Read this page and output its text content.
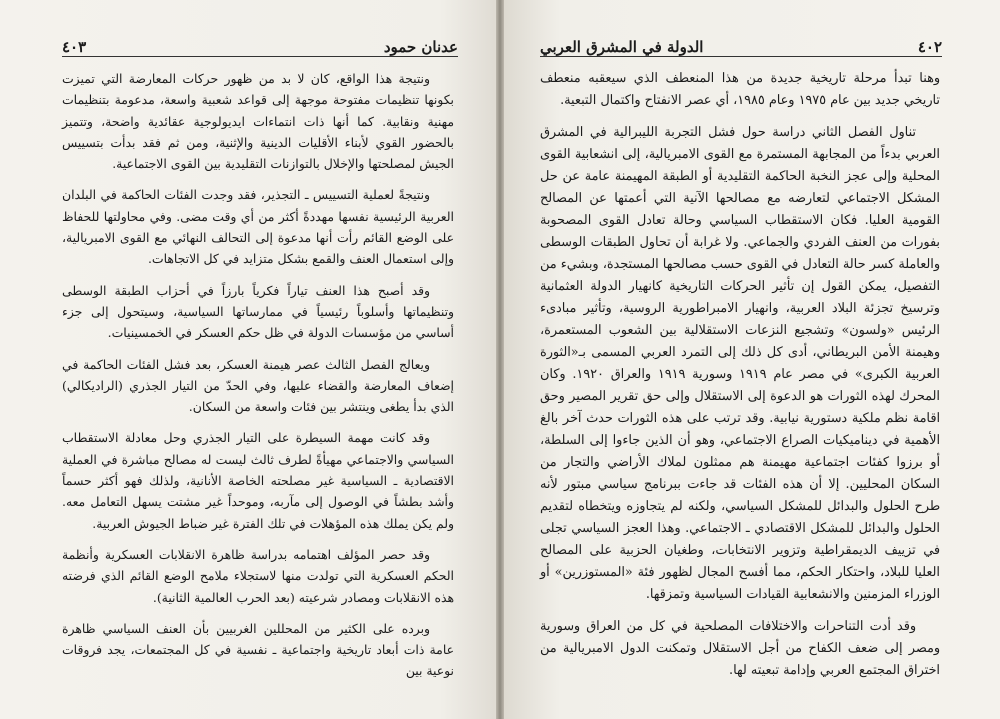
عدنان حمود
٤٠٣

ونتيجة هذا الواقع، كان لا بد من ظهور حركات المعارضة التي تميزت بكونها تنظيمات مفتوحة موجهة إلى قواعد شعبية واسعة، مدعومة بتنظيمات مهنية ونقابية. كما أنها ذات انتماءات ايديولوجية عقائدية واضحة، وتتميز بالحضور القوي لأبناء الأقليات الدينية والإثنية، ومن ثم فقد بدأت بتسييس الجيش لمصلحتها والإخلال بالتوازنات التقليدية بين القوى الاجتماعية.

ونتيجةً لعملية التسييس ـ التجذير، فقد وجدت الفئات الحاكمة في البلدان العربية الرئيسية نفسها مهددةً أكثر من أي وقت مضى. وفي محاولتها للحفاظ على الوضع القائم رأت أنها مدعوة إلى التحالف النهائي مع القوى الامبريالية، وإلى استعمال العنف والقمع بشكل متزايد في كل الاتجاهات.

وقد أصبح هذا العنف تياراً فكرياً بارزاً في أحزاب الطبقة الوسطى وتنظيماتها وأسلوباً رئيسياً في ممارساتها السياسية، وسيتحول إلى جزء أساسي من مؤسسات الدولة في ظل حكم العسكر في الخمسينيات.

ويعالج الفصل الثالث عصر هيمنة العسكر، بعد فشل الفئات الحاكمة في إضعاف المعارضة والقضاء عليها، وفي الحدّ من التيار الجذري (الراديكالي) الذي بدأ يطغى وينتشر بين فئات واسعة من السكان.

وقد كانت مهمة السيطرة على التيار الجذري وحل معادلة الاستقطاب السياسي والاجتماعي مهيأةً لطرف ثالث ليست له مصالح مباشرة في العملية الاقتصادية ـ السياسية غير مصلحته الخاصة الأنانية، ولذلك فهو أكثر حسماً وأشد بطشاً في الوصول إلى مآربه، وموحداً غير مشتت يسهل التعامل معه. ولم يكن يملك هذه المؤهلات في تلك الفترة غير ضباط الجيوش العربية.

وقد حصر المؤلف اهتمامه بدراسة ظاهرة الانقلابات العسكرية وأنظمة الحكم العسكرية التي تولدت منها لاستجلاء ملامح الوضع القائم الذي فرضته هذه الانقلابات ومصادر شرعيته (بعد الحرب العالمية الثانية).

وبرده على الكثير من المحللين الغربيين بأن العنف السياسي ظاهرة عامة ذات أبعاد تاريخية واجتماعية ـ نفسية في كل المجتمعات، يجد فروقات نوعية بين

٤٠٢
الدولة في المشرق العربي

وهنا تبدأ مرحلة تاريخية جديدة من هذا المنعطف الذي سيعقبه منعطف تاريخي جديد بين عام ١٩٧٥ وعام ١٩٨٥، أي عصر الانفتاح واكتمال التبعية.

تناول الفصل الثاني دراسة حول فشل التجربة الليبرالية في المشرق العربي بدءاً من المجابهة المستمرة مع القوى الامبريالية، إلى انشعابية القوى المحلية وإلى عجز النخبة الحاكمة التقليدية أو الطبقة المهيمنة عامة عن حل المشكل الاجتماعي لتعارضه مع مصالحها الآنية التي أعمتها عن المصالح القومية العليا. فكان الاستقطاب السياسي وحالة تعادل القوى المصحوبة بفورات من العنف الفردي والجماعي. ولا غرابة أن تحاول الطبقات الوسطى والعاملة كسر حالة التعادل في القوى حسب مصالحها المستجدة، وبشيء من التفصيل، يمكن القول إن تأثير الحركات التاريخية كانهيار الدولة العثمانية وترسيخ تجزئة البلاد العربية، وانهيار الامبراطورية الروسية، وتأثير مبادىء الرئيس «ولسون» وتشجيع النزعات الاستقلالية بين الشعوب المستعمرة، وهيمنة الأمن البريطاني، أدى كل ذلك إلى التمرد العربي المسمى بـ«الثورة العربية الكبرى» في مصر عام ١٩١٩ وسورية ١٩١٩ والعراق ١٩٢٠. وكان المحرك لهذه الثورات هو الدعوة إلى الاستقلال وإلى حق تقرير المصير وحق اقامة نظم ملكية دستورية نيابية. وقد ترتب على هذه الثورات حدث آخر بالغ الأهمية في ديناميكيات الصراع الاجتماعي، وهو أن الذين جاءوا إلى السلطة، أو برزوا كفئات اجتماعية مهيمنة هم ممثلون لملاك الأراضي والتجار من السكان المحليين. إلا أن هذه الفئات قد جاءت ببرنامج سياسي مبتور لأنه طرح الحلول والبدائل للمشكل السياسي، ولكنه لم يتجاوزه ويتخطاه لتقديم الحلول والبدائل للمشكل الاقتصادي ـ الاجتماعي. وهذا العجز السياسي تجلى في تزييف الديمقراطية وتزوير الانتخابات، وطغيان الحزبية على المصالح العليا للبلاد، واحتكار الحكم، مما أفسح المجال لظهور فئة «المستوزرين» أو الوزراء المزمنين والانشعابية القيادات السياسية وتمزقها.

وقد أدت التناحرات والاختلافات المصلحية في كل من العراق وسورية ومصر إلى ضعف الكفاح من أجل الاستقلال وتمكنت الدول الامبريالية من اختراق المجتمع العربي وإدامة تبعيته لها.
